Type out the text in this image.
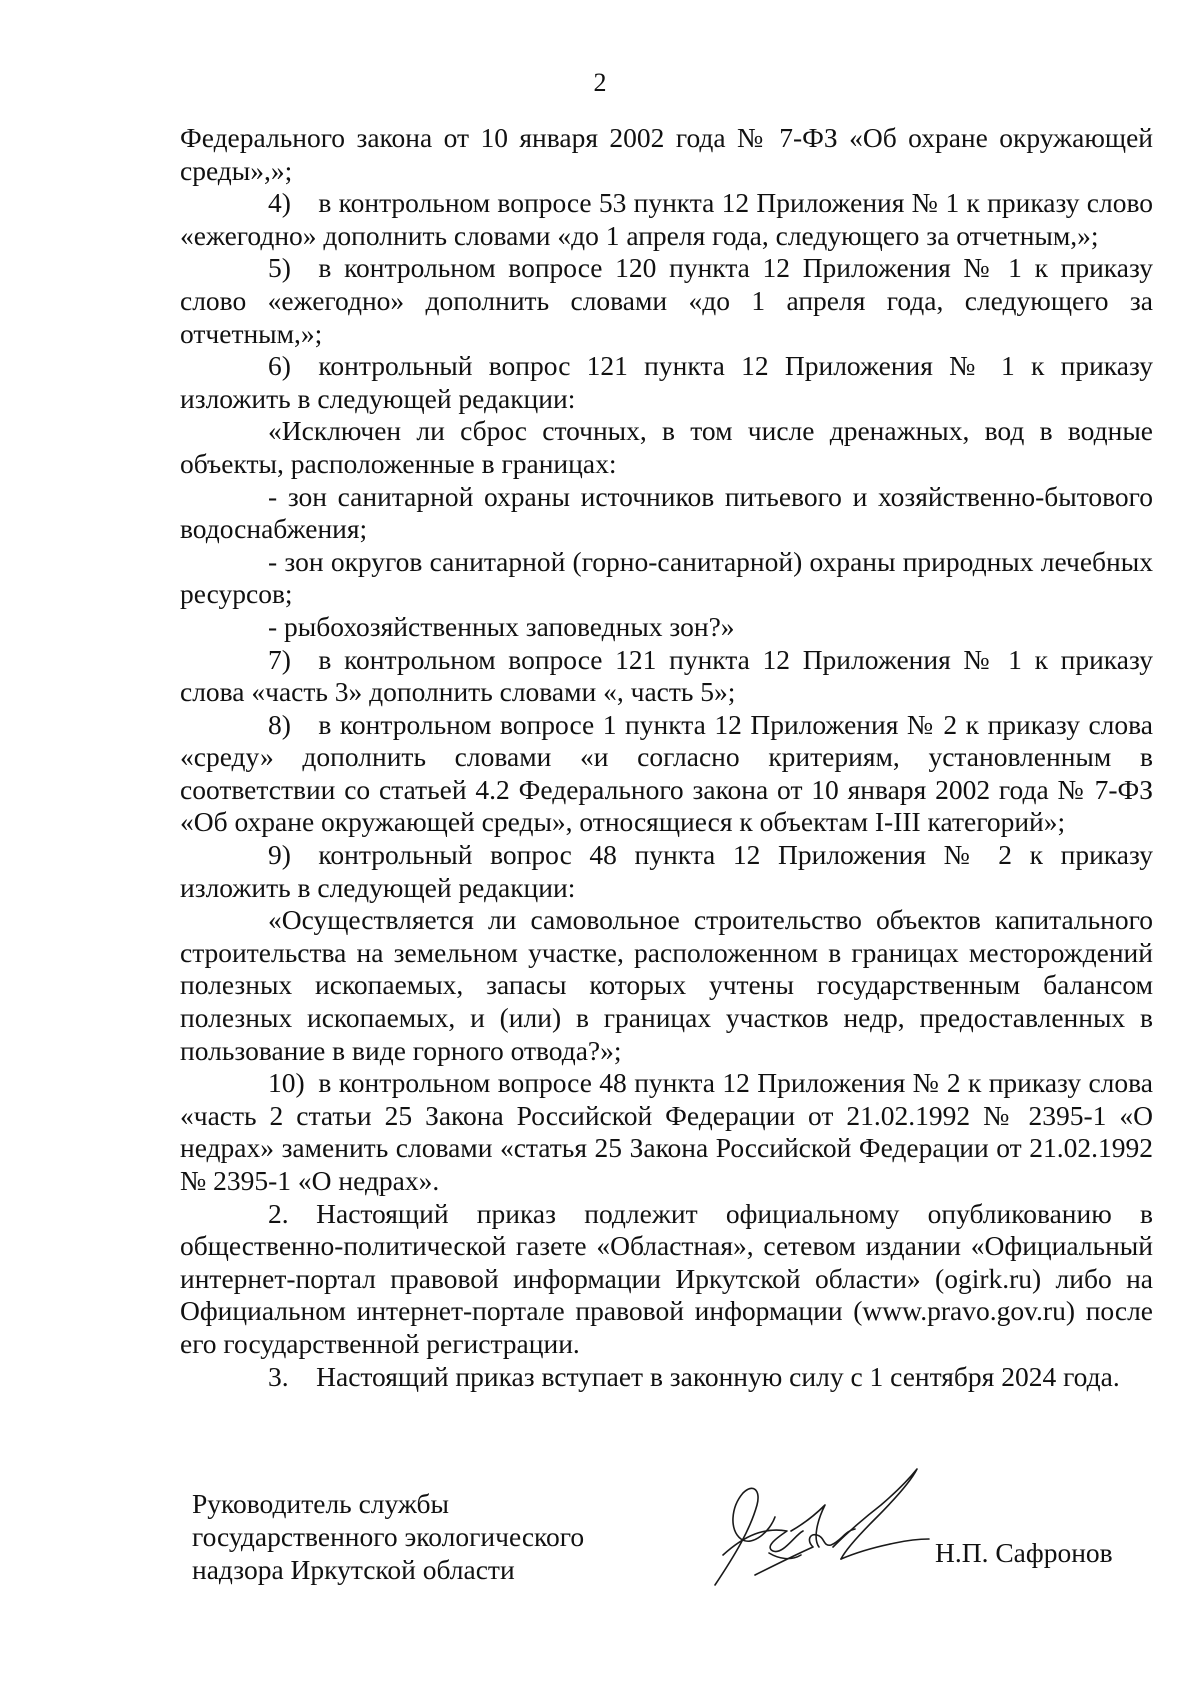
2

Федерального закона от 10 января 2002 года № 7-ФЗ «Об охране окружающей среды»,»;

4)  в контрольном вопросе 53 пункта 12 Приложения № 1 к приказу слово «ежегодно» дополнить словами «до 1 апреля года, следующего за отчетным,»;

5)  в контрольном вопросе 120 пункта 12 Приложения № 1 к приказу слово «ежегодно» дополнить словами «до 1 апреля года, следующего за отчетным,»;

6)  контрольный вопрос 121 пункта 12 Приложения № 1 к приказу изложить в следующей редакции:

«Исключен ли сброс сточных, в том числе дренажных, вод в водные объекты, расположенные в границах:

- зон санитарной охраны источников питьевого и хозяйственно-бытового водоснабжения;

- зон округов санитарной (горно-санитарной) охраны природных лечебных ресурсов;

- рыбохозяйственных заповедных зон?»

7)  в контрольном вопросе 121 пункта 12 Приложения № 1 к приказу слова «часть 3» дополнить словами «, часть 5»;

8)  в контрольном вопросе 1 пункта 12 Приложения № 2 к приказу слова «среду» дополнить словами «и согласно критериям, установленным в соответствии со статьей 4.2 Федерального закона от 10 января 2002 года № 7-ФЗ «Об охране окружающей среды», относящиеся к объектам I-III категорий»;

9)  контрольный вопрос 48 пункта 12 Приложения № 2 к приказу изложить в следующей редакции:

«Осуществляется ли самовольное строительство объектов капитального строительства на земельном участке, расположенном в границах месторождений полезных ископаемых, запасы которых учтены государственным балансом полезных ископаемых, и (или) в границах участков недр, предоставленных в пользование в виде горного отвода?»;

10) в контрольном вопросе 48 пункта 12 Приложения № 2 к приказу слова «часть 2 статьи 25 Закона Российской Федерации от 21.02.1992 № 2395-1 «О недрах» заменить словами «статья 25 Закона Российской Федерации от 21.02.1992 № 2395-1 «О недрах».

2.  Настоящий приказ подлежит официальному опубликованию в общественно-политической газете «Областная», сетевом издании «Официальный интернет-портал правовой информации Иркутской области» (ogirk.ru) либо на Официальном интернет-портале правовой информации (www.pravo.gov.ru) после его государственной регистрации.

3.  Настоящий приказ вступает в законную силу с 1 сентября 2024 года.

Руководитель службы
государственного экологического
надзора Иркутской области
Н.П. Сафронов
